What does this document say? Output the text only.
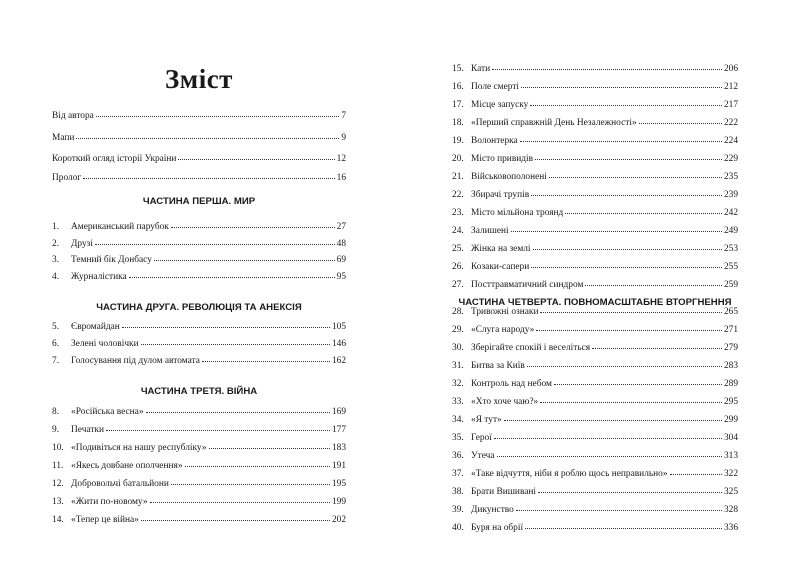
Зміст
Від автора	7
Мапи	9
Короткий огляд історії України	12
Пролог	16
ЧАСТИНА ПЕРША. МИР
1.	Американський парубок	27
2.	Друзі	48
3.	Темний бік Донбасу	69
4.	Журналістика	95
ЧАСТИНА ДРУГА. РЕВОЛЮЦІЯ ТА АНЕКСІЯ
5.	Євромайдан	105
6.	Зелені чоловічки	146
7.	Голосування під дулом автомата	162
ЧАСТИНА ТРЕТЯ. ВІЙНА
8.	«Російська весна»	169
9.	Печатки	177
10. «Подивіться на нашу республіку»	183
11. «Якесь довбане ополчення»	191
12. Добровольчі батальйони	195
13. «Жити по-новому»	199
14. «Тепер це війна»	202
15. Кати	206
16. Поле смерті	212
17. Місце запуску	217
18. «Перший справжній День Незалежності»	222
19. Волонтерка	224
20. Місто привидів	229
21. Військовополонені	235
22. Збирачі трупів	239
23. Місто мільйона троянд	242
24. Залишені	249
25. Жінка на землі	253
26. Козаки-сапери	255
27. Посттравматичний синдром	259
ЧАСТИНА ЧЕТВЕРТА. ПОВНОМАСШТАБНЕ ВТОРГНЕННЯ
28. Тривожні ознаки	265
29. «Слуга народу»	271
30. Зберігайте спокій і веселіться	279
31. Битва за Київ	283
32. Контроль над небом	289
33. «Хто хоче чаю?»	295
34. «Я тут»	299
35. Герої	304
36. Утеча	313
37. «Таке відчуття, ніби я роблю щось неправильно»	322
38. Брати Вишивані	325
39. Дикунство	328
40. Буря на обрії	336
